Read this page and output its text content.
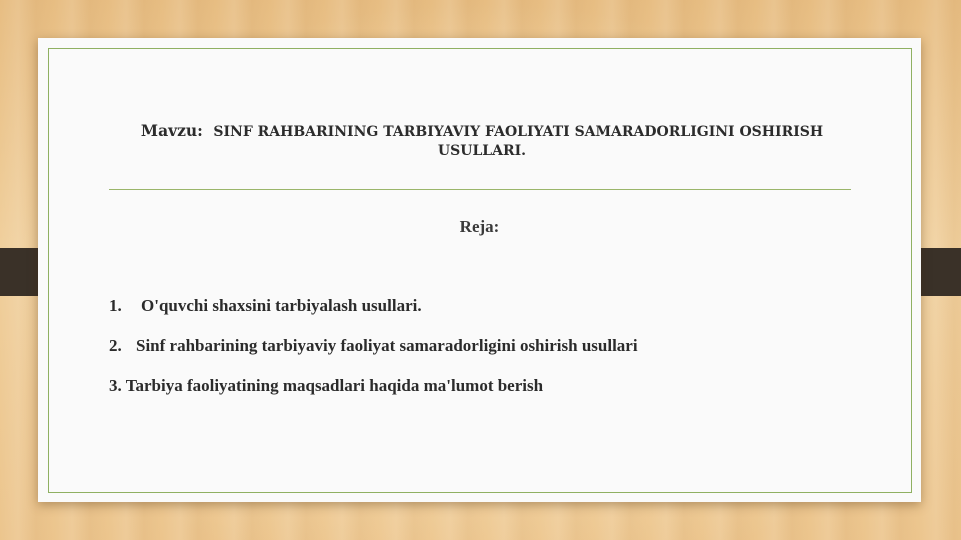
Mavzu: SINF RAHBARINING TARBIYAVIY FAOLIYATI SAMARADORLIGINI OSHIRISH USULLARI.
Reja:
1. O'quvchi shaxsini tarbiyalash usullari.
2. Sinf rahbarining tarbiyaviy faoliyat samaradorligini oshirish usullari
3. Tarbiya faoliyatining maqsadlari haqida ma'lumot berish
